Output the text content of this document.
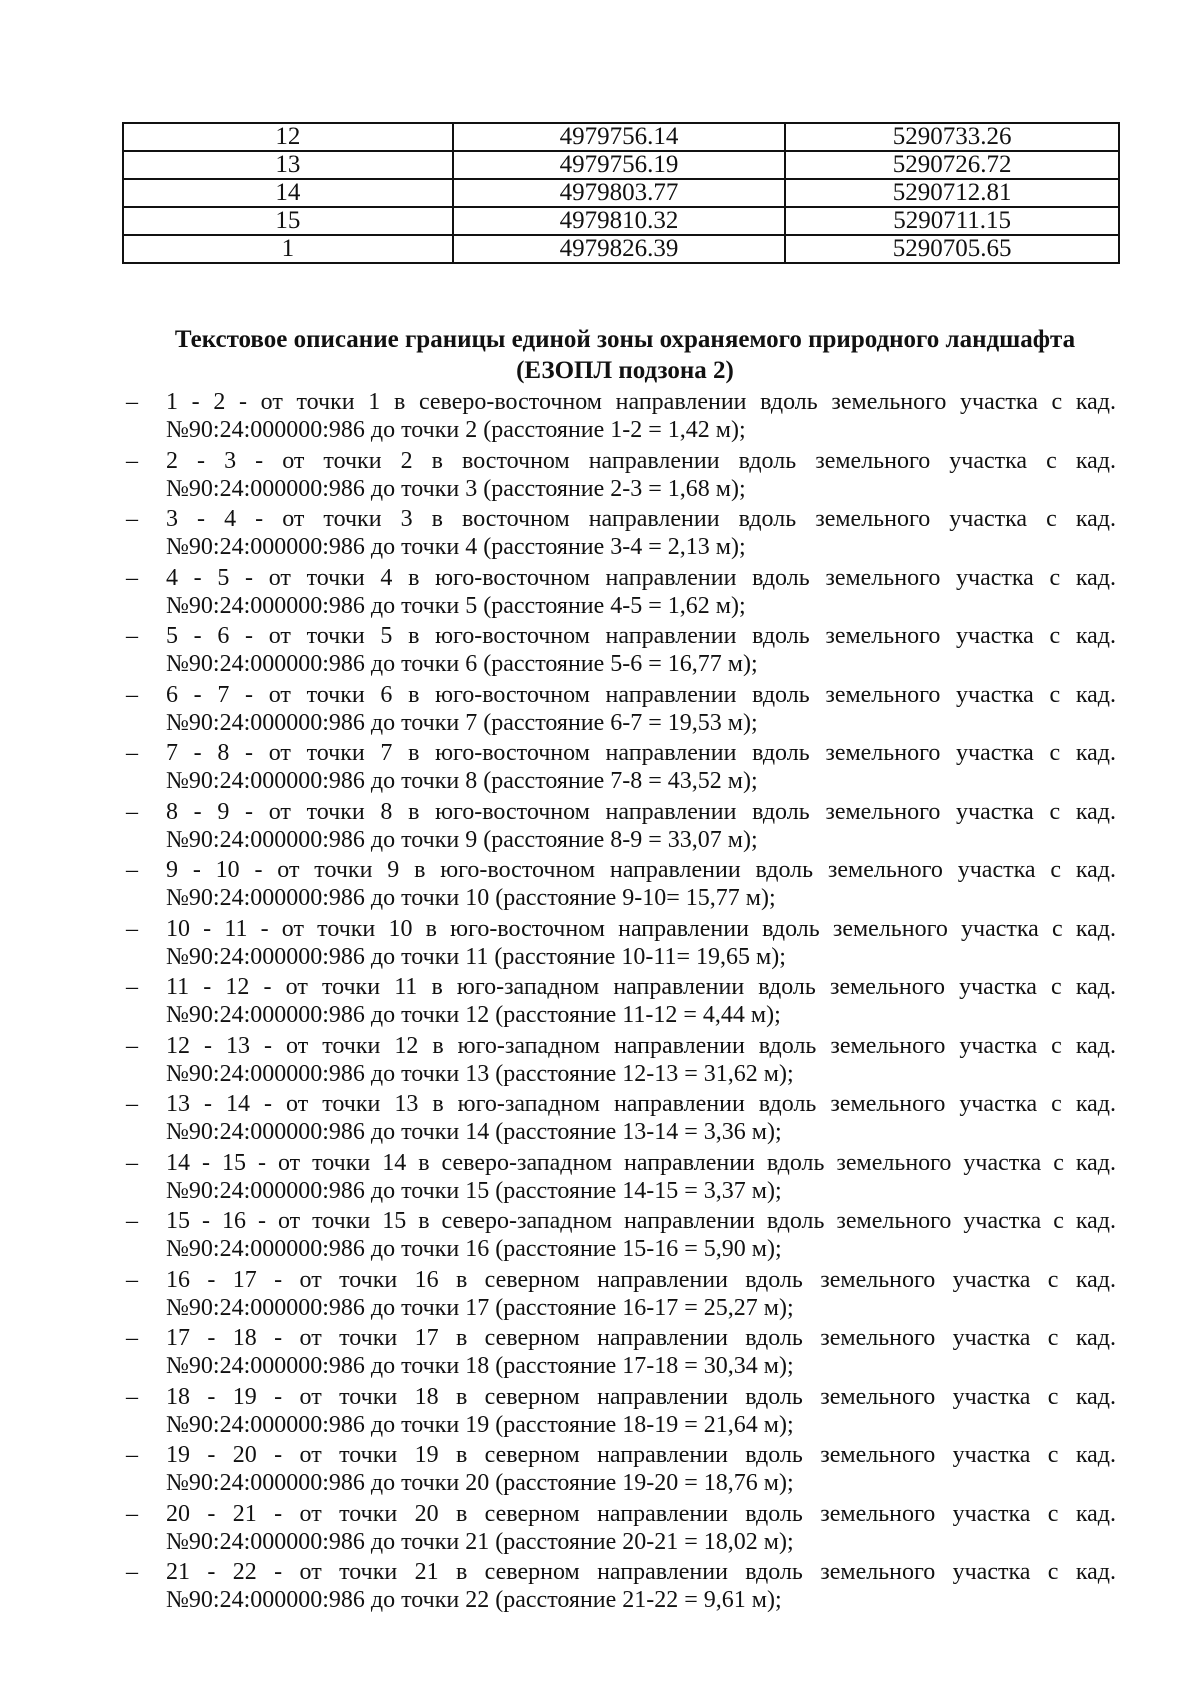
12	4979756.14	5290733.26
13	4979756.19	5290726.72
14	4979803.77	5290712.81
15	4979810.32	5290711.15
1	4979826.39	5290705.65
Текстовое описание границы единой зоны охраняемого природного ландшафта
(ЕЗОПЛ подзона 2)
–	1 - 2 - от точки 1 в северо-восточном направлении вдоль земельного участка с кад.
№90:24:000000:986 до точки 2 (расстояние 1-2 = 1,42 м);
–	2 - 3 - от точки 2 в восточном направлении вдоль земельного участка с кад.
№90:24:000000:986 до точки 3 (расстояние 2-3 = 1,68 м);
–	3 - 4 - от точки 3 в восточном направлении вдоль земельного участка с кад.
№90:24:000000:986 до точки 4 (расстояние 3-4 = 2,13 м);
–	4 - 5 - от точки 4 в юго-восточном направлении вдоль земельного участка с кад.
№90:24:000000:986 до точки 5 (расстояние 4-5 = 1,62 м);
–	5 - 6 - от точки 5 в юго-восточном направлении вдоль земельного участка с кад.
№90:24:000000:986 до точки 6 (расстояние 5-6 = 16,77 м);
–	6 - 7 - от точки 6 в юго-восточном направлении вдоль земельного участка с кад.
№90:24:000000:986 до точки 7 (расстояние 6-7 = 19,53 м);
–	7 - 8 - от точки 7 в юго-восточном направлении вдоль земельного участка с кад.
№90:24:000000:986 до точки 8 (расстояние 7-8 = 43,52 м);
–	8 - 9 - от точки 8 в юго-восточном направлении вдоль земельного участка с кад.
№90:24:000000:986 до точки 9 (расстояние 8-9 = 33,07 м);
–	9 - 10 - от точки 9 в юго-восточном направлении вдоль земельного участка с кад.
№90:24:000000:986 до точки 10 (расстояние 9-10= 15,77 м);
–	10 - 11 - от точки 10 в юго-восточном направлении вдоль земельного участка с кад.
№90:24:000000:986 до точки 11 (расстояние 10-11= 19,65 м);
–	11 - 12 - от точки 11 в юго-западном направлении вдоль земельного участка с кад.
№90:24:000000:986 до точки 12 (расстояние 11-12 = 4,44 м);
–	12 - 13 - от точки 12 в юго-западном направлении вдоль земельного участка с кад.
№90:24:000000:986 до точки 13 (расстояние 12-13 = 31,62 м);
–	13 - 14 - от точки 13 в юго-западном направлении вдоль земельного участка с кад.
№90:24:000000:986 до точки 14 (расстояние 13-14 = 3,36 м);
–	14 - 15 - от точки 14 в северо-западном направлении вдоль земельного участка с кад.
№90:24:000000:986 до точки 15 (расстояние 14-15 = 3,37 м);
–	15 - 16 - от точки 15 в северо-западном направлении вдоль земельного участка с кад.
№90:24:000000:986 до точки 16 (расстояние 15-16 = 5,90 м);
–	16 - 17 - от точки 16 в северном направлении вдоль земельного участка с кад.
№90:24:000000:986 до точки 17 (расстояние 16-17 = 25,27 м);
–	17 - 18 - от точки 17 в северном направлении вдоль земельного участка с кад.
№90:24:000000:986 до точки 18 (расстояние 17-18 = 30,34 м);
–	18 - 19 - от точки 18 в северном направлении вдоль земельного участка с кад.
№90:24:000000:986 до точки 19 (расстояние 18-19 = 21,64 м);
–	19 - 20 - от точки 19 в северном направлении вдоль земельного участка с кад.
№90:24:000000:986 до точки 20 (расстояние 19-20 = 18,76 м);
–	20 - 21 - от точки 20 в северном направлении вдоль земельного участка с кад.
№90:24:000000:986 до точки 21 (расстояние 20-21 = 18,02 м);
–	21 - 22 - от точки 21 в северном направлении вдоль земельного участка с кад.
№90:24:000000:986 до точки 22 (расстояние 21-22 = 9,61 м);
